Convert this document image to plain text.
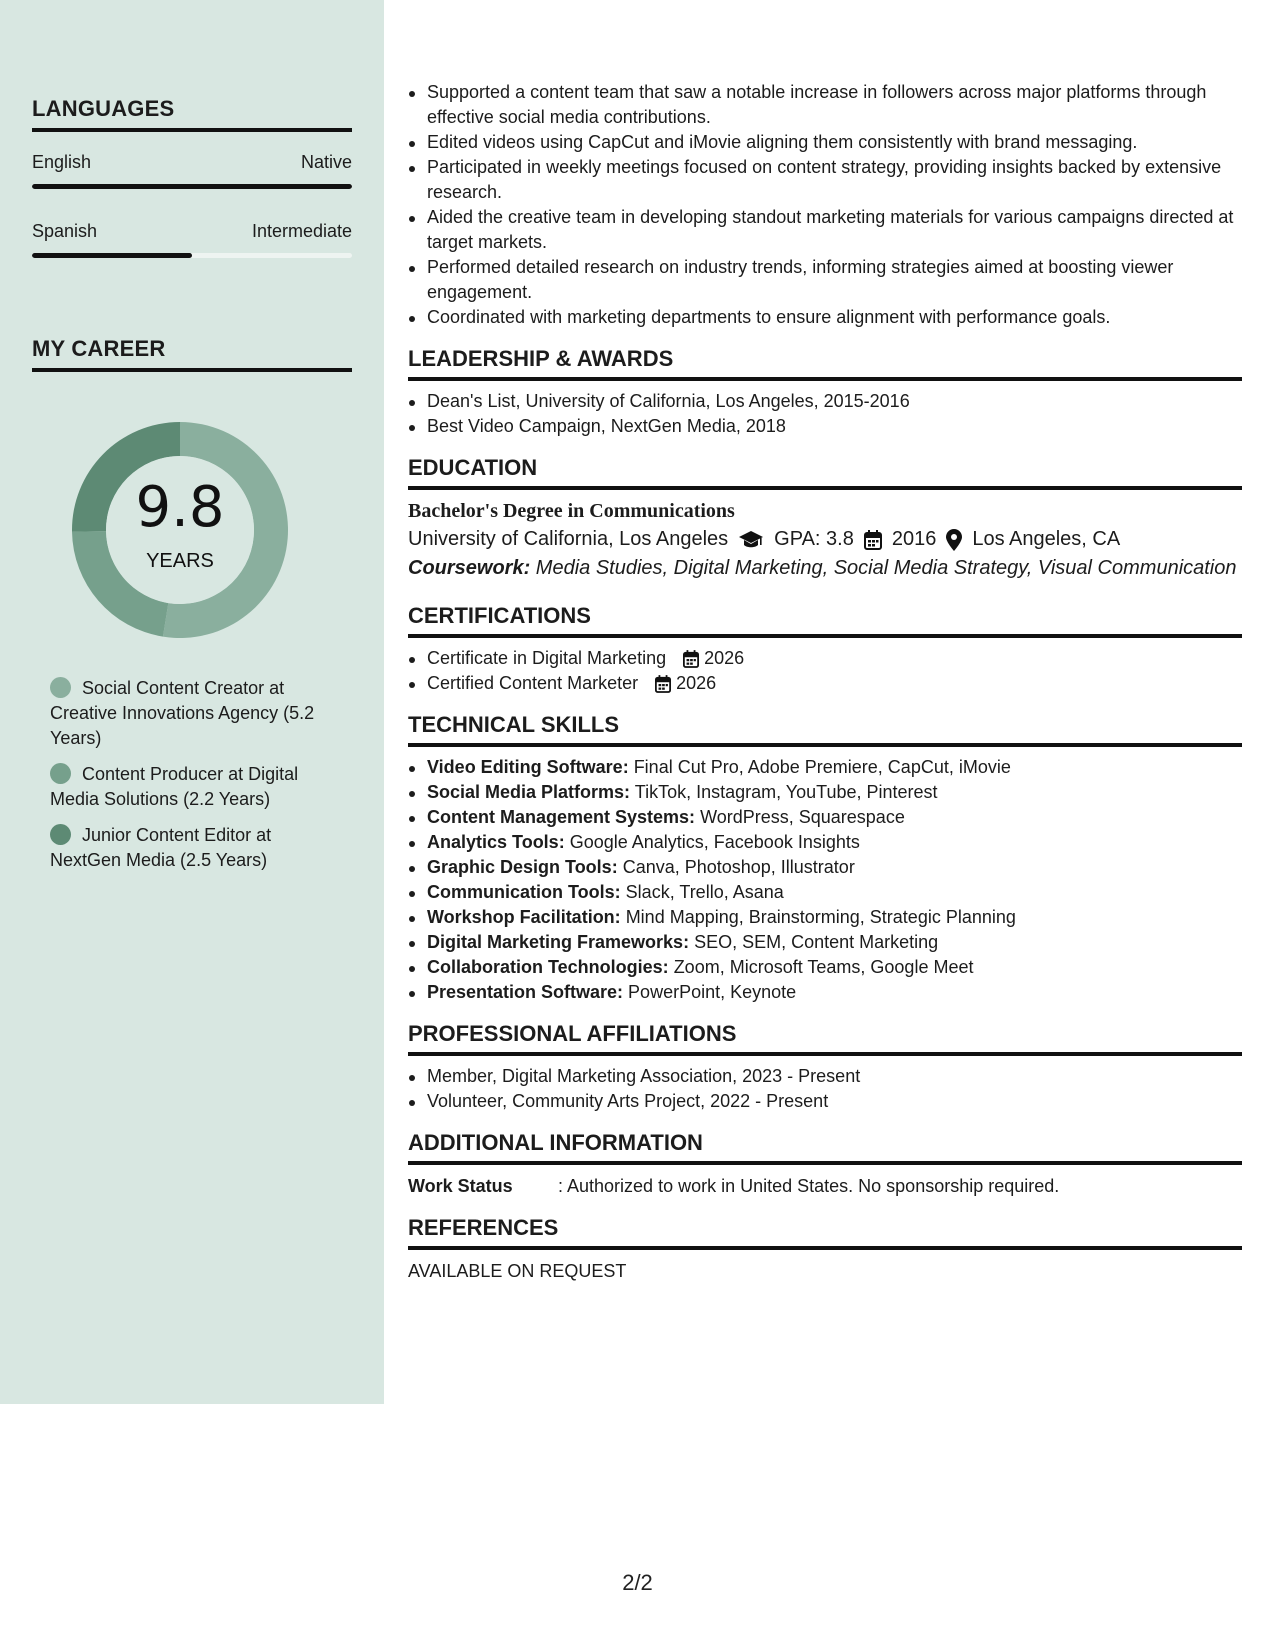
LANGUAGES
English	Native
Spanish	Intermediate
MY CAREER
9.8
YEARS
Social Content Creator at Creative Innovations Agency (5.2 Years)
Content Producer at Digital Media Solutions (2.2 Years)
Junior Content Editor at NextGen Media (2.5 Years)
Supported a content team that saw a notable increase in followers across major platforms through effective social media contributions.
Edited videos using CapCut and iMovie aligning them consistently with brand messaging.
Participated in weekly meetings focused on content strategy, providing insights backed by extensive research.
Aided the creative team in developing standout marketing materials for various campaigns directed at target markets.
Performed detailed research on industry trends, informing strategies aimed at boosting viewer engagement.
Coordinated with marketing departments to ensure alignment with performance goals.
LEADERSHIP & AWARDS
Dean's List, University of California, Los Angeles, 2015-2016
Best Video Campaign, NextGen Media, 2018
EDUCATION
Bachelor's Degree in Communications
University of California, Los Angeles GPA: 3.8 2016 Los Angeles, CA
Coursework: Media Studies, Digital Marketing, Social Media Strategy, Visual Communication
CERTIFICATIONS
Certificate in Digital Marketing 2026
Certified Content Marketer 2026
TECHNICAL SKILLS
Video Editing Software: Final Cut Pro, Adobe Premiere, CapCut, iMovie
Social Media Platforms: TikTok, Instagram, YouTube, Pinterest
Content Management Systems: WordPress, Squarespace
Analytics Tools: Google Analytics, Facebook Insights
Graphic Design Tools: Canva, Photoshop, Illustrator
Communication Tools: Slack, Trello, Asana
Workshop Facilitation: Mind Mapping, Brainstorming, Strategic Planning
Digital Marketing Frameworks: SEO, SEM, Content Marketing
Collaboration Technologies: Zoom, Microsoft Teams, Google Meet
Presentation Software: PowerPoint, Keynote
PROFESSIONAL AFFILIATIONS
Member, Digital Marketing Association, 2023 - Present
Volunteer, Community Arts Project, 2022 - Present
ADDITIONAL INFORMATION
Work Status	: Authorized to work in United States. No sponsorship required.
REFERENCES
AVAILABLE ON REQUEST
2/2
